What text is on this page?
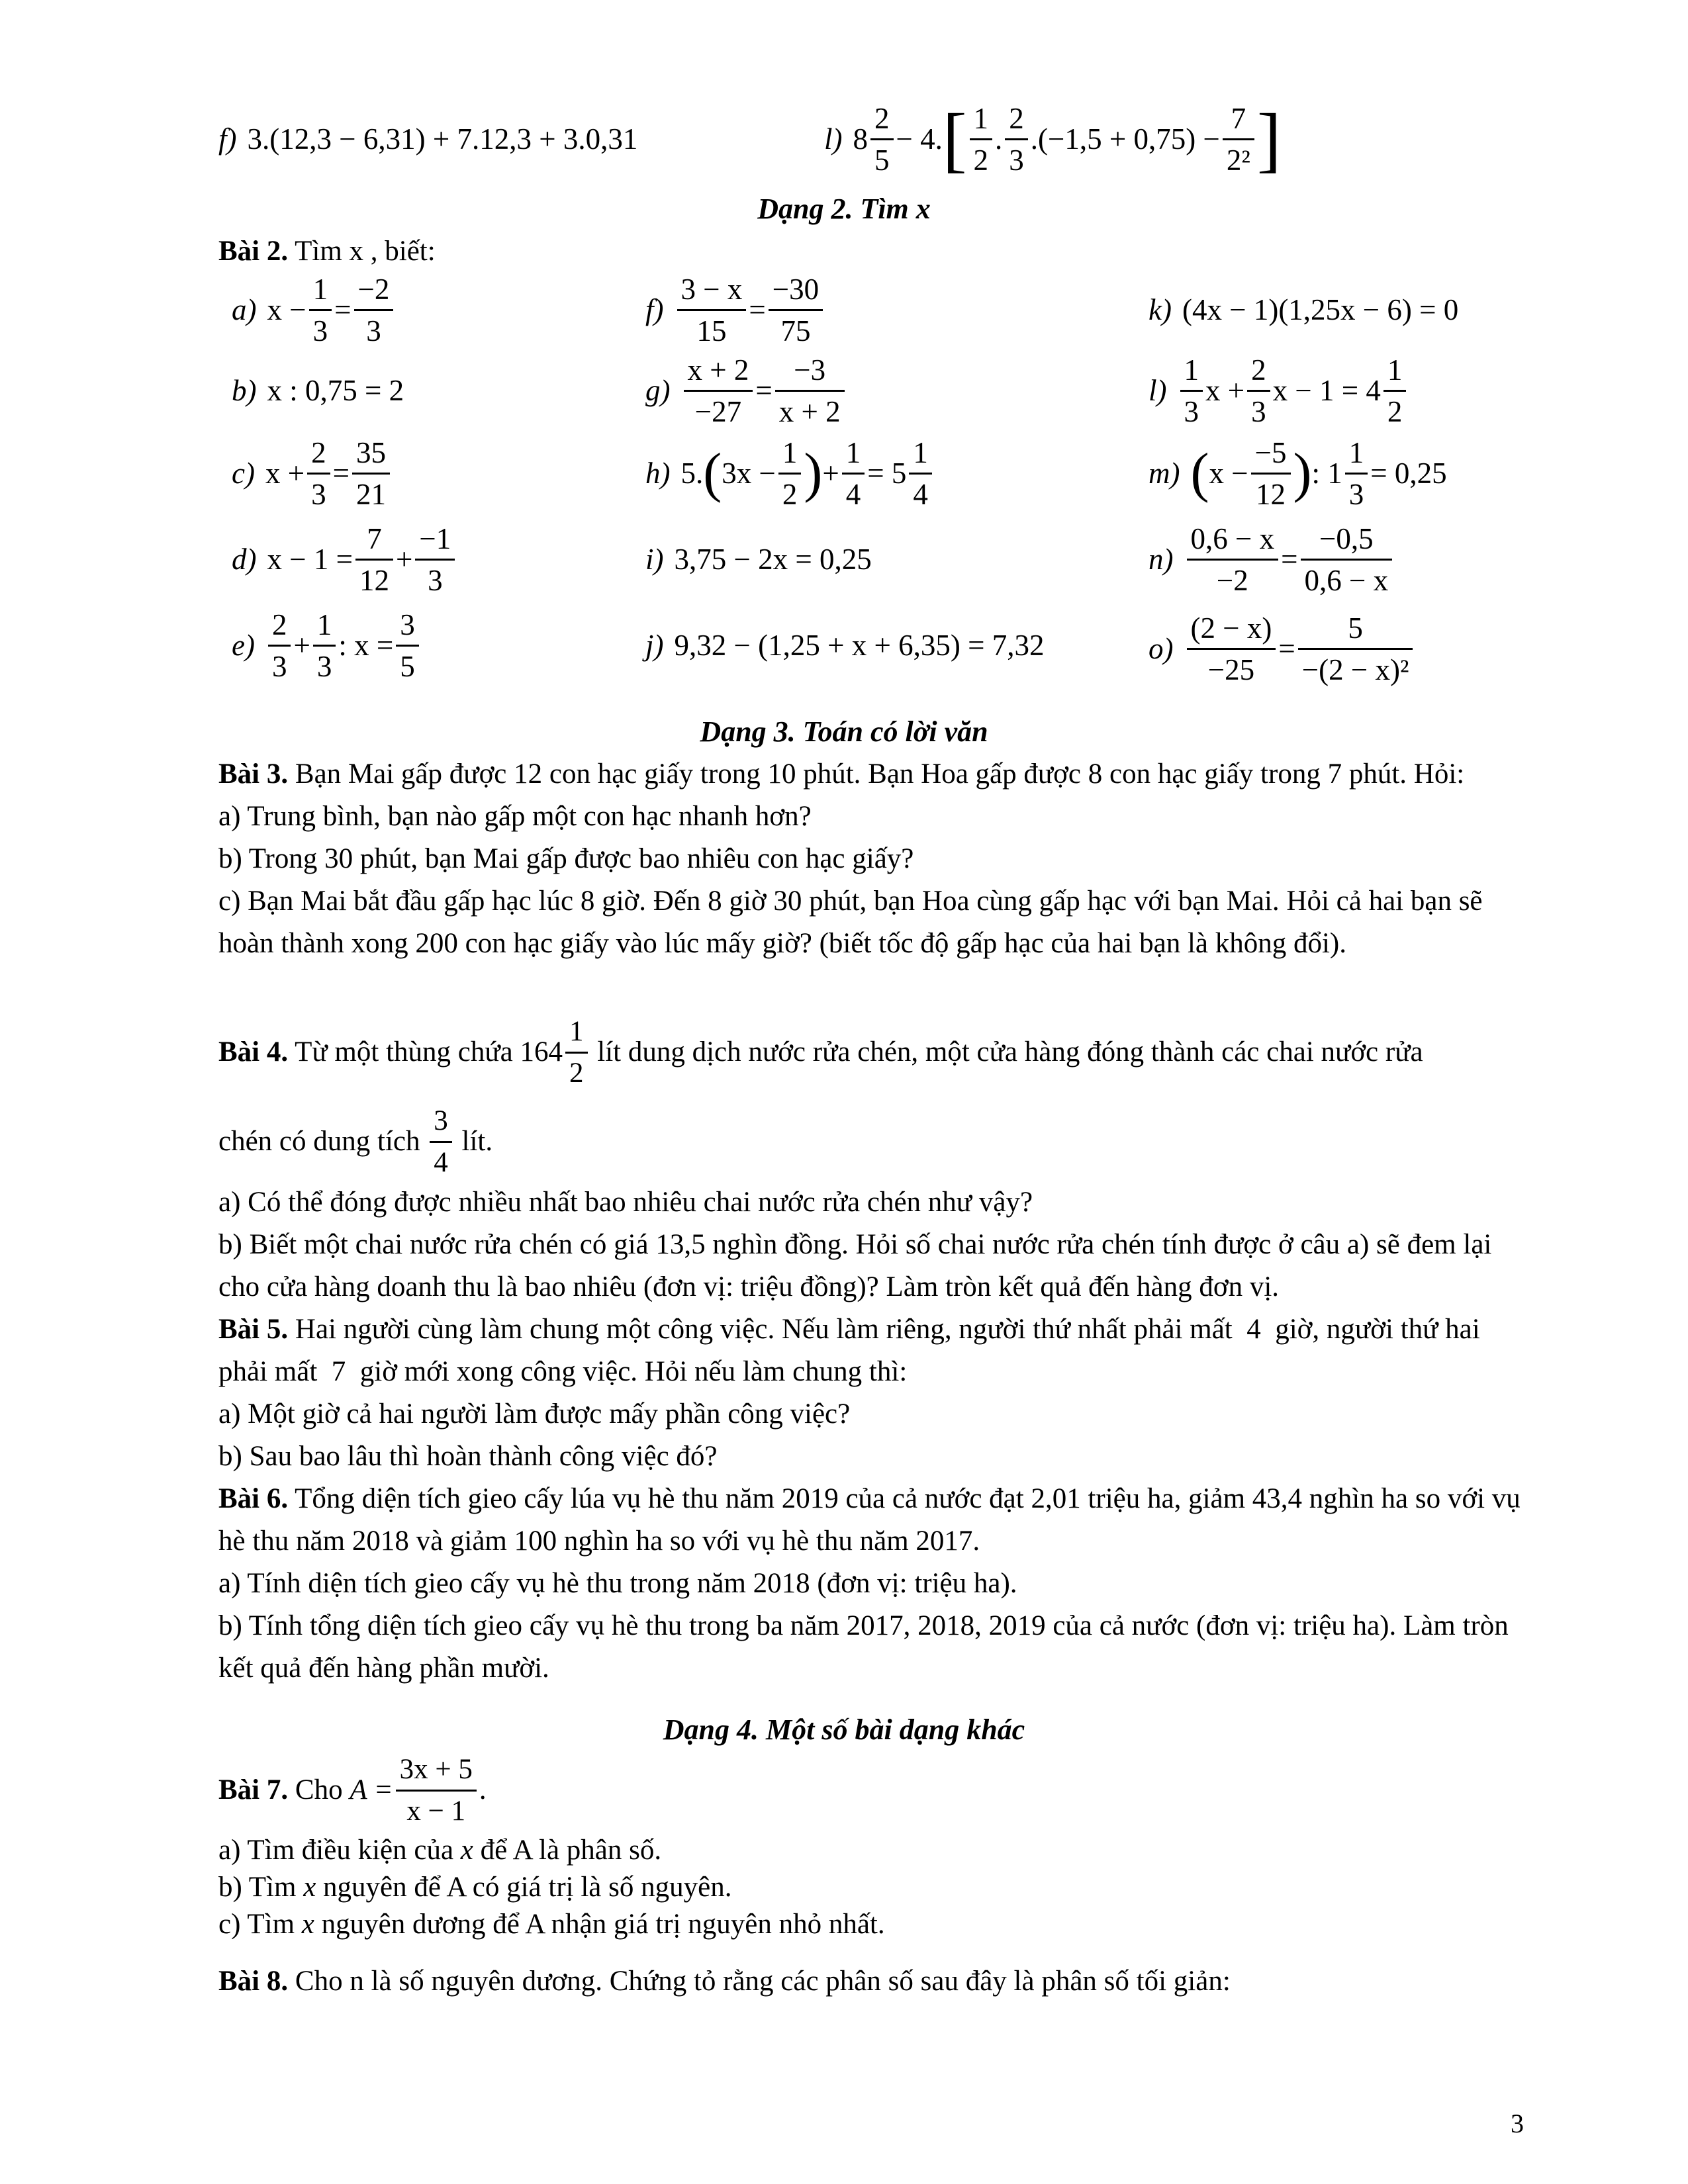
f) 3.(12,3 − 6,31) + 7.12,3 + 3.0,31	l) $8 \frac{2}{5} - 4$. [ $\frac{1}{2}$ . $\frac{2}{3} .(-1,5 + 0,75) - \frac{7}{\text{2²}}$ ]
Dạng 2. Tìm x
Bài 2. Tìm x , biết:
a) $x - \frac{1}{3} = \frac{-2}{3}$
b) x : 0,75 = 2
c) $x + \frac{2}{3} = \frac{35}{21}$
d) $x - 1 = \frac{7}{12} + \frac{-1}{3}$
$e) \frac{2}{3} + \frac{1}{3}$ : $x = \frac{3}{5}$
$f) \frac{3 - x}{15} = \frac{-30}{75}$
$g) \frac{x + 2}{-27} = \frac{-3}{x + 2}$
h) 5. ( $3x - \frac{1}{2}$ ) + $\frac{1}{4} = 5 \frac{1}{4}$
i) 3,75 − 2x = 0,25
j) 9,32 − (1,25 + x + 6,35) = 7,32
k) (4x − 1)(1,25x − 6) = 0
$l) \frac{1}{3}$ $x + \frac{2}{3}$ $x - 1 = 4 \frac{1}{2}$
m) ( $x - \frac{-5}{12}$ ) : $1 \frac{1}{3} = 0,25$
$n) \frac{0,6 - x}{-2} = \frac{-0,5}{0,6 - x}$
$o) \frac{(2 - x)}{-25} = \frac{5}{\text{−(2 − x)²}}$
Dạng 3. Toán có lời văn
Bài 3. Bạn Mai gấp được 12 con hạc giấy trong 10 phút. Bạn Hoa gấp được 8 con hạc giấy trong 7 phút. Hỏi:
a) Trung bình, bạn nào gấp một con hạc nhanh hơn?
b) Trong 30 phút, bạn Mai gấp được bao nhiêu con hạc giấy?
c) Bạn Mai bắt đầu gấp hạc lúc 8 giờ. Đến 8 giờ 30 phút, bạn Hoa cùng gấp hạc với bạn Mai. Hỏi cả hai bạn sẽ hoàn thành xong 200 con hạc giấy vào lúc mấy giờ? (biết tốc độ gấp hạc của hai bạn là không đổi).
Bài 4. Từ một thùng chứa $164 \frac{1}{2}$ lít dung dịch nước rửa chén, một cửa hàng đóng thành các chai nước rửa
chén có dung tích $\frac{3}{4}$ lít.
a) Có thể đóng được nhiều nhất bao nhiêu chai nước rửa chén như vậy?
b) Biết một chai nước rửa chén có giá 13,5 nghìn đồng. Hỏi số chai nước rửa chén tính được ở câu a) sẽ đem lại cho cửa hàng doanh thu là bao nhiêu (đơn vị: triệu đồng)? Làm tròn kết quả đến hàng đơn vị.
Bài 5. Hai người cùng làm chung một công việc. Nếu làm riêng, người thứ nhất phải mất  4  giờ, người thứ hai phải mất  7  giờ mới xong công việc. Hỏi nếu làm chung thì:
a) Một giờ cả hai người làm được mấy phần công việc?
b) Sau bao lâu thì hoàn thành công việc đó?
Bài 6. Tổng diện tích gieo cấy lúa vụ hè thu năm 2019 của cả nước đạt 2,01 triệu ha, giảm 43,4 nghìn ha so với vụ hè thu năm 2018 và giảm 100 nghìn ha so với vụ hè thu năm 2017.
a) Tính diện tích gieo cấy vụ hè thu trong năm 2018 (đơn vị: triệu ha).
b) Tính tổng diện tích gieo cấy vụ hè thu trong ba năm 2017, 2018, 2019 của cả nước (đơn vị: triệu ha). Làm tròn kết quả đến hàng phần mười.
Dạng 4. Một số bài dạng khác
Bài 7. Cho $A = \frac{3x + 5}{x - 1}$ .
a) Tìm điều kiện của x để A là phân số.
b) Tìm x nguyên để A có giá trị là số nguyên.
c) Tìm x nguyên dương để A nhận giá trị nguyên nhỏ nhất.
Bài 8. Cho n là số nguyên dương. Chứng tỏ rằng các phân số sau đây là phân số tối giản:
3
